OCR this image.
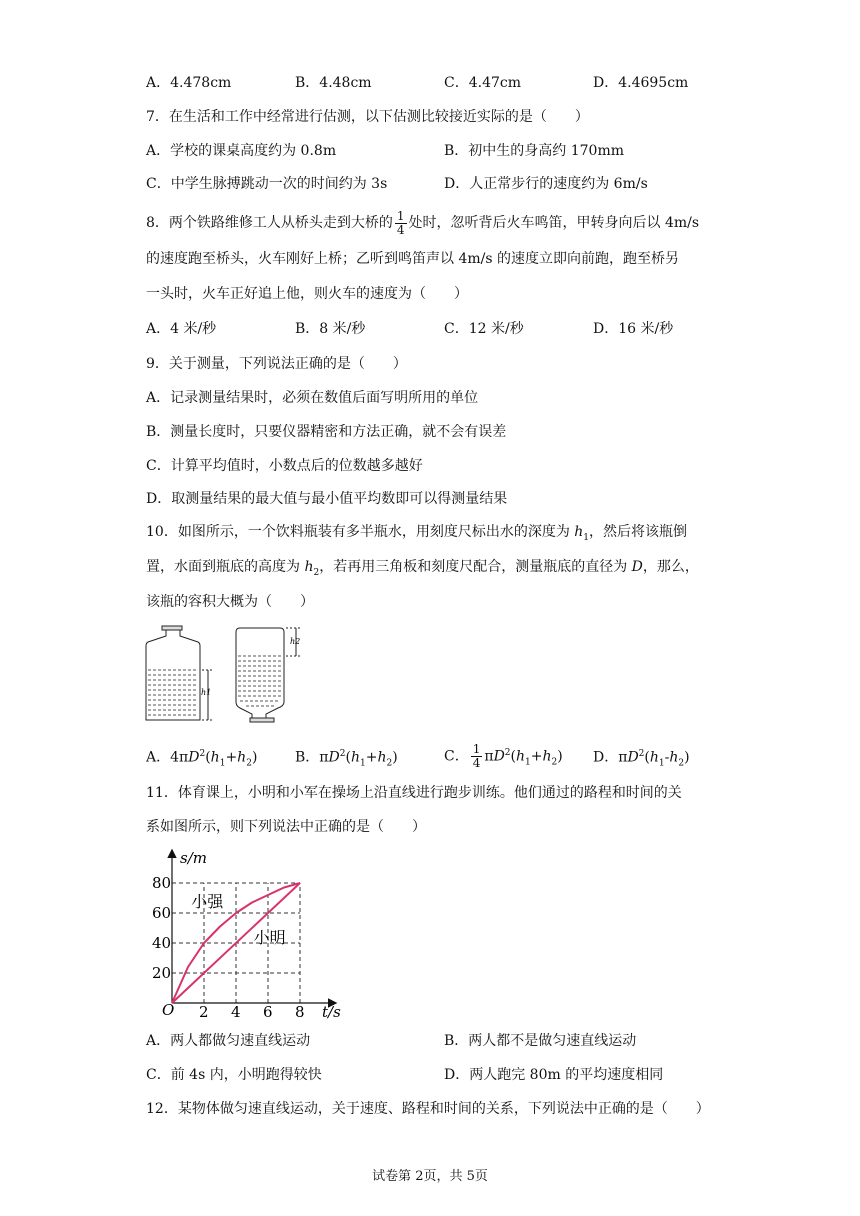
A．4.478cm	B．4.48cm	C．4.47cm	D．4.4695cm
7．在生活和工作中经常进行估测，以下估测比较接近实际的是（　　）
A．学校的课桌高度约为 0.8m	B．初中生的身高约 170mm
C．中学生脉搏跳动一次的时间约为 3s	D．人正常步行的速度约为 6m/s
8．两个铁路维修工人从桥头走到大桥的 $\frac{1}{4}$ 处时，忽听背后火车鸣笛，甲转身向后以 4m/s
的速度跑至桥头，火车刚好上桥；乙听到鸣笛声以 4m/s 的速度立即向前跑，跑至桥另
一头时，火车正好追上他，则火车的速度为（　　）
A．4 米/秒	B．8 米/秒	C．12 米/秒	D．16 米/秒
9．关于测量，下列说法正确的是（　　）
A．记录测量结果时，必须在数值后面写明所用的单位
B．测量长度时，只要仪器精密和方法正确，就不会有误差
C．计算平均值时，小数点后的位数越多越好
D．取测量结果的最大值与最小值平均数即可以得测量结果
10．如图所示，一个饮料瓶装有多半瓶水，用刻度尺标出水的深度为 $h_1$，然后将该瓶倒
置，水面到瓶底的高度为 $h_2$，若再用三角板和刻度尺配合，测量瓶底的直径为 D，那么，
该瓶的容积大概为（　　）
h1
h2
A．$4\pi D^2(h_1+h_2)$	B．$\pi D^2(h_1+h_2)$	C． $\frac{1}{4} \pi D^2(h_1+h_2)$ D．$\pi D^2(h_1-h_2)$
11．体育课上，小明和小军在操场上沿直线进行跑步训练。他们通过的路程和时间的关
系如图所示，则下列说法中正确的是（　　）
2 4 6 8
20
40
60
80
小强
小明
O
s/m
t/s
A．两人都做匀速直线运动	B．两人都不是做匀速直线运动
C．前 4s 内，小明跑得较快	D．两人跑完 80m 的平均速度相同
12．某物体做匀速直线运动，关于速度、路程和时间的关系，下列说法中正确的是（　　）
试卷第 2页，共 5页
